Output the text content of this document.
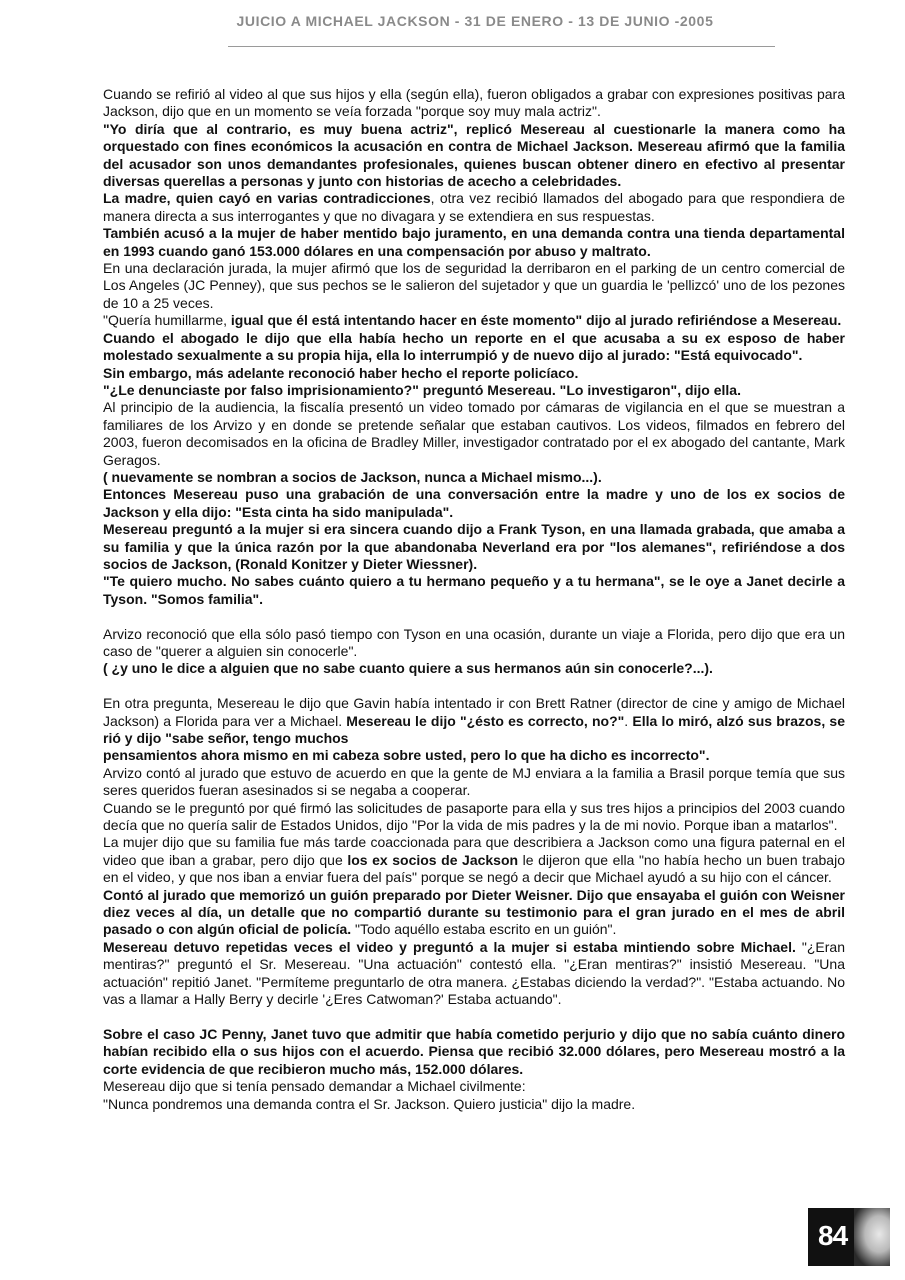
JUICIO A MICHAEL JACKSON - 31 DE ENERO - 13 DE JUNIO -2005

Cuando se refirió al video al que sus hijos y ella (según ella), fueron obligados a grabar con expresiones positivas para Jackson, dijo que en un momento se veía forzada "porque soy muy mala actriz".

"Yo diría que al contrario, es muy buena actriz", replicó Mesereau al cuestionarle la manera como ha orquestado con fines económicos la acusación en contra de Michael Jackson. Mesereau afirmó que la familia del acusador son unos demandantes profesionales, quienes buscan obtener dinero en efectivo al presentar diversas querellas a personas y junto con historias de acecho a celebridades.

La madre, quien cayó en varias contradicciones, otra vez recibió llamados del abogado para que respondiera de manera directa a sus interrogantes y que no divagara y se extendiera en sus respuestas.

También acusó a la mujer de haber mentido bajo juramento, en una demanda contra una tienda departamental en 1993 cuando ganó 153.000 dólares en una compensación por abuso y maltrato.

En una declaración jurada, la mujer afirmó que los de seguridad la derribaron en el parking de un centro comercial de Los Angeles (JC Penney), que sus pechos se le salieron del sujetador y que un guardia le 'pellizcó' uno de los pezones de 10 a 25 veces.

"Quería humillarme, igual que él está intentando hacer en éste momento" dijo al jurado refiriéndose a Mesereau.

Cuando el abogado le dijo que ella había hecho un reporte en el que acusaba a su ex esposo de haber molestado sexualmente a su propia hija, ella lo interrumpió y de nuevo dijo al jurado: "Está equivocado".

Sin embargo, más adelante reconoció haber hecho el reporte policíaco.

"¿Le denunciaste por falso imprisionamiento?" preguntó Mesereau. "Lo investigaron", dijo ella.

Al principio de la audiencia, la fiscalía presentó un video tomado por cámaras de vigilancia en el que se muestran a familiares de los Arvizo y en donde se pretende señalar que estaban cautivos. Los videos, filmados en febrero del 2003, fueron decomisados en la oficina de Bradley Miller, investigador contratado por el ex abogado del cantante, Mark Geragos.

( nuevamente se nombran a socios de Jackson, nunca a Michael mismo...).

Entonces Mesereau puso una grabación de una conversación entre la madre y uno de los ex socios de Jackson y ella dijo: "Esta cinta ha sido manipulada".

Mesereau preguntó a la mujer si era sincera cuando dijo a Frank Tyson, en una llamada grabada, que amaba a su familia y que la única razón por la que abandonaba Neverland era por "los alemanes", refiriéndose a dos socios de Jackson, (Ronald Konitzer y Dieter Wiessner).

"Te quiero mucho. No sabes cuánto quiero a tu hermano pequeño y a tu hermana", se le oye a Janet decirle a Tyson. "Somos familia".

Arvizo reconoció que ella sólo pasó tiempo con Tyson en una ocasión, durante un viaje a Florida, pero dijo que era un caso de "querer a alguien sin conocerle".

( ¿y uno le dice a alguien que no sabe cuanto quiere a sus hermanos aún sin conocerle?...).

En otra pregunta, Mesereau le dijo que Gavin había intentado ir con Brett Ratner (director de cine y amigo de Michael Jackson) a Florida para ver a Michael. Mesereau le dijo "¿ésto es correcto, no?". Ella lo miró, alzó sus brazos, se rió y dijo "sabe señor, tengo muchos

pensamientos ahora mismo en mi cabeza sobre usted, pero lo que ha dicho es incorrecto".

Arvizo contó al jurado que estuvo de acuerdo en que la gente de MJ enviara a la familia a Brasil porque temía que sus seres queridos fueran asesinados si se negaba a cooperar.

Cuando se le preguntó por qué firmó las solicitudes de pasaporte para ella y sus tres hijos a principios del 2003 cuando decía que no quería salir de Estados Unidos, dijo "Por la vida de mis padres y la de mi novio. Porque iban a matarlos".

La mujer dijo que su familia fue más tarde coaccionada para que describiera a Jackson como una figura paternal en el video que iban a grabar, pero dijo que los ex socios de Jackson le dijeron que ella "no había hecho un buen trabajo en el video, y que nos iban a enviar fuera del país" porque se negó a decir que Michael ayudó a su hijo con el cáncer.

Contó al jurado que memorizó un guión preparado por Dieter Weisner. Dijo que ensayaba el guión con Weisner diez veces al día, un detalle que no compartió durante su testimonio para el gran jurado en el mes de abril pasado o con algún oficial de policía. "Todo aquéllo estaba escrito en un guión".

Mesereau detuvo repetidas veces el video y preguntó a la mujer si estaba mintiendo sobre Michael. "¿Eran mentiras?" preguntó el Sr. Mesereau. "Una actuación" contestó ella. "¿Eran mentiras?" insistió Mesereau. "Una actuación" repitió Janet. "Permíteme preguntarlo de otra manera. ¿Estabas diciendo la verdad?". "Estaba actuando. No vas a llamar a Hally Berry y decirle '¿Eres Catwoman?' Estaba actuando".

Sobre el caso JC Penny, Janet tuvo que admitir que había cometido perjurio y dijo que no sabía cuánto dinero habían recibido ella o sus hijos con el acuerdo. Piensa que recibió 32.000 dólares, pero Mesereau mostró a la corte evidencia de que recibieron mucho más, 152.000 dólares.

Mesereau dijo que si tenía pensado demandar a Michael civilmente:

"Nunca pondremos una demanda contra el Sr. Jackson. Quiero justicia" dijo la madre.

84
